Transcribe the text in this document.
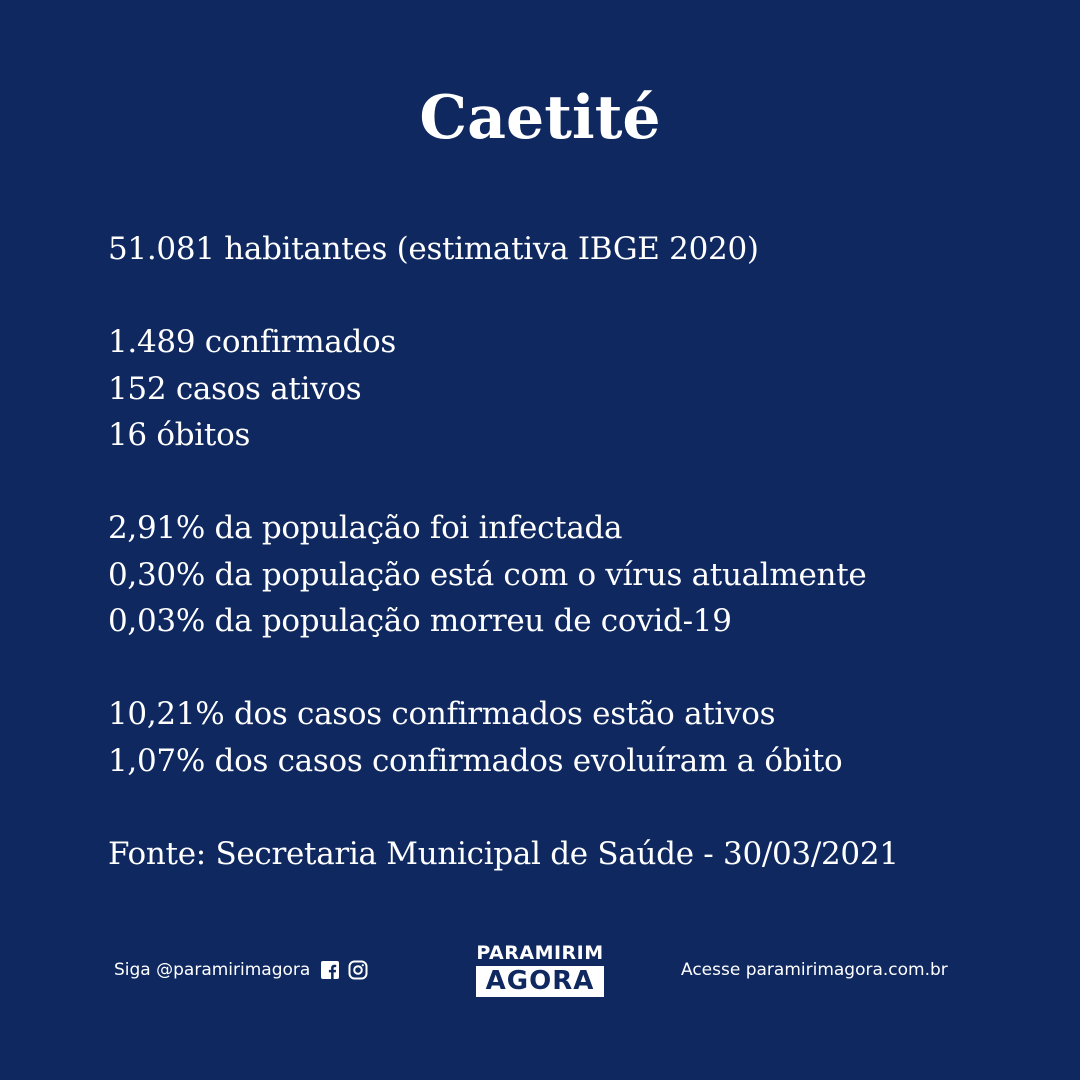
Caetité
51.081 habitantes (estimativa IBGE 2020)
1.489 confirmados
152 casos ativos
16 óbitos
2,91% da população foi infectada
0,30% da população está com o vírus atualmente
0,03% da população morreu de covid-19
10,21% dos casos confirmados estão ativos
1,07% dos casos confirmados evoluíram a óbito
Fonte: Secretaria Municipal de Saúde - 30/03/2021
Siga @paramirimagora
PARAMIRIM
AGORA	Acesse paramirimagora.com.br
